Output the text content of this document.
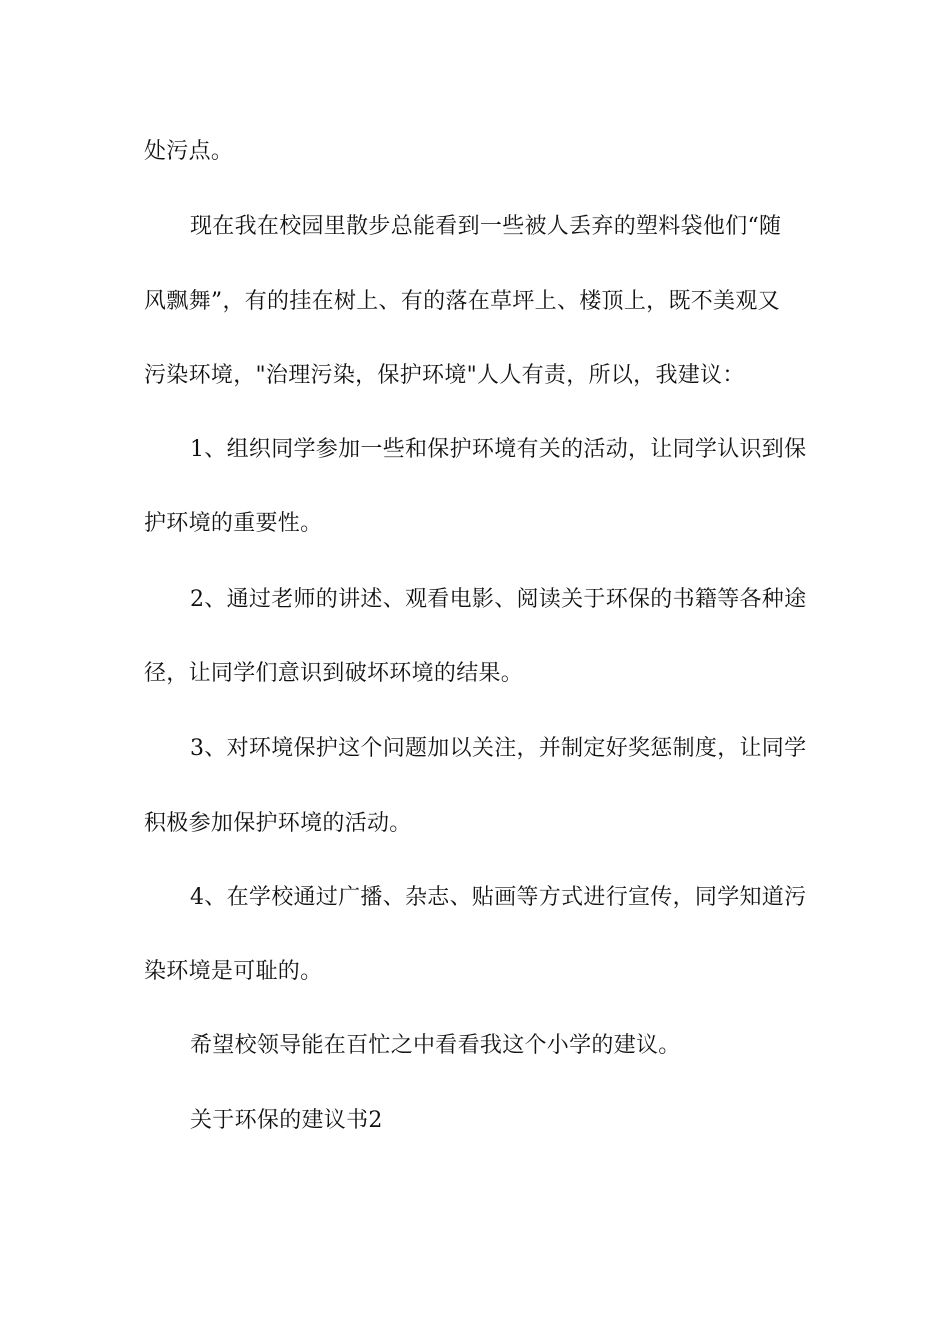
处污点。
现在我在校园里散步总能看到一些被人丢弃的塑料袋他们“随
风飘舞”，有的挂在树上、有的落在草坪上、楼顶上，既不美观又
污染环境，"治理污染，保护环境"人人有责，所以，我建议：
1、组织同学参加一些和保护环境有关的活动，让同学认识到保
护环境的重要性。
2、通过老师的讲述、观看电影、阅读关于环保的书籍等各种途
径，让同学们意识到破坏环境的结果。
3、对环境保护这个问题加以关注，并制定好奖惩制度，让同学
积极参加保护环境的活动。
4、在学校通过广播、杂志、贴画等方式进行宣传，同学知道污
染环境是可耻的。
希望校领导能在百忙之中看看我这个小学的建议。
关于环保的建议书2
